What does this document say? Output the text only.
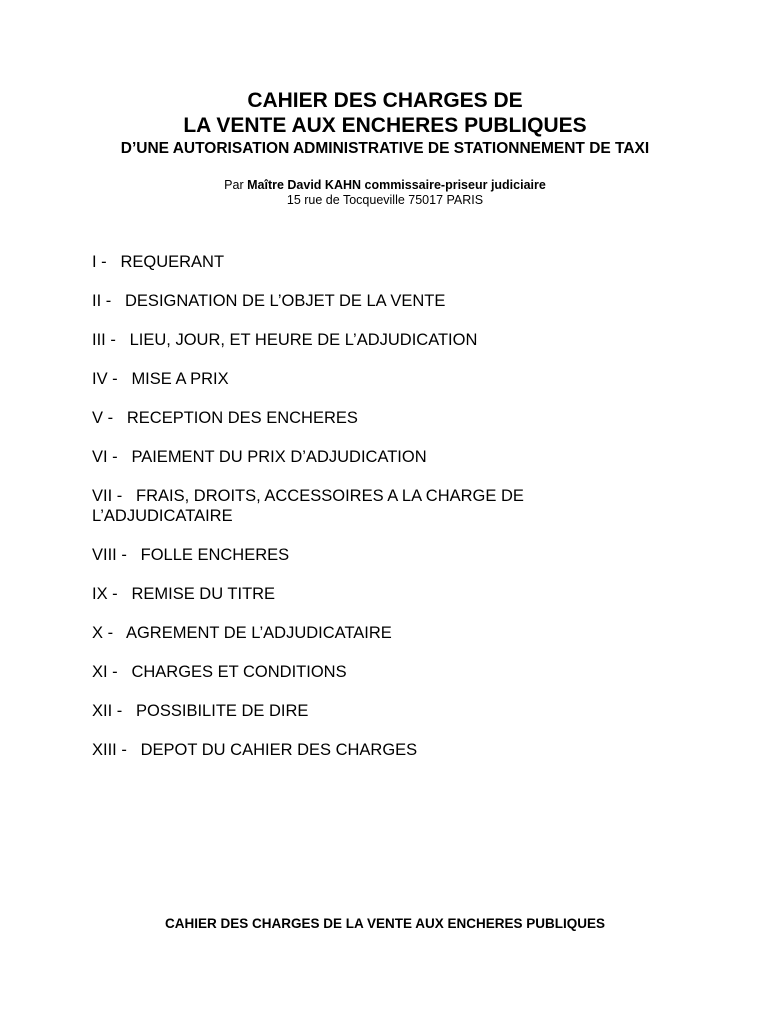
CAHIER DES CHARGES DE

LA VENTE AUX ENCHERES PUBLIQUES

D’UNE AUTORISATION ADMINISTRATIVE DE STATIONNEMENT DE TAXI

Par Maître David KAHN commissaire-priseur judiciaire
15 rue de Tocqueville 75017 PARIS
I - REQUERANT
II - DESIGNATION DE L’OBJET DE LA VENTE
III - LIEU, JOUR, ET HEURE DE L’ADJUDICATION
IV - MISE A PRIX
V - RECEPTION DES ENCHERES
VI - PAIEMENT DU PRIX D’ADJUDICATION
VII - FRAIS, DROITS, ACCESSOIRES A LA CHARGE DE L’ADJUDICATAIRE
VIII - FOLLE ENCHERES
IX - REMISE DU TITRE
X - AGREMENT DE L’ADJUDICATAIRE
XI - CHARGES ET CONDITIONS
XII - POSSIBILITE DE DIRE
XIII - DEPOT DU CAHIER DES CHARGES
CAHIER DES CHARGES DE LA VENTE AUX ENCHERES PUBLIQUES
